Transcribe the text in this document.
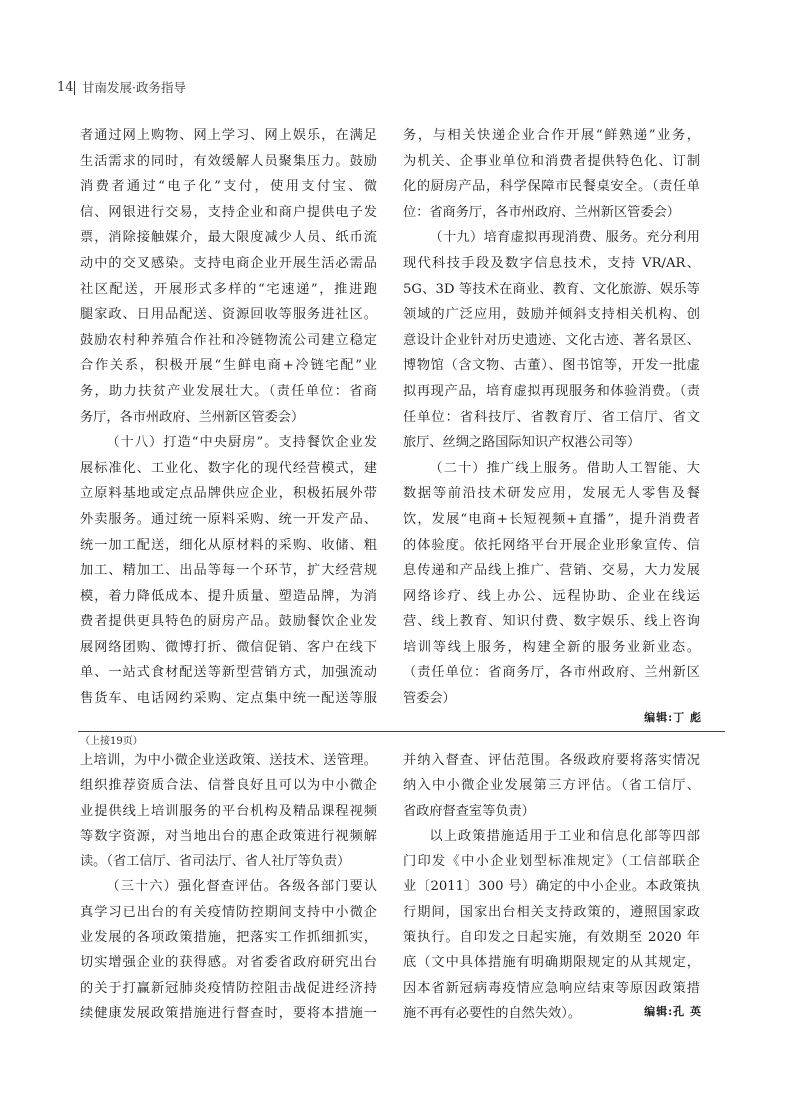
14 甘南发展·政务指导
者通过网上购物、网上学习、网上娱乐，在满足
生活需求的同时，有效缓解人员聚集压力。鼓励
消费者通过“电子化”支付，使用支付宝、微
信、网银进行交易，支持企业和商户提供电子发
票，消除接触媒介，最大限度减少人员、纸币流
动中的交叉感染。支持电商企业开展生活必需品
社区配送，开展形式多样的“宅速递”，推进跑
腿家政、日用品配送、资源回收等服务进社区。
鼓励农村种养殖合作社和冷链物流公司建立稳定
合作关系，积极开展“生鲜电商+冷链宅配”业
务，助力扶贫产业发展壮大。（责任单位：省商
务厅，各市州政府、兰州新区管委会）
（十八）打造“中央厨房”。支持餐饮企业发
展标准化、工业化、数字化的现代经营模式，建
立原料基地或定点品牌供应企业，积极拓展外带
外卖服务。通过统一原料采购、统一开发产品、
统一加工配送，细化从原材料的采购、收储、粗
加工、精加工、出品等每一个环节，扩大经营规
模，着力降低成本、提升质量、塑造品牌，为消
费者提供更具特色的厨房产品。鼓励餐饮企业发
展网络团购、微博打折、微信促销、客户在线下
单、一站式食材配送等新型营销方式，加强流动
售货车、电话网约采购、定点集中统一配送等服
务，与相关快递企业合作开展“鲜熟递”业务，
为机关、企事业单位和消费者提供特色化、订制
化的厨房产品，科学保障市民餐桌安全。（责任单
位：省商务厅，各市州政府、兰州新区管委会）
（十九）培育虚拟再现消费、服务。充分利用
现代科技手段及数字信息技术，支持 VR/AR、
5G、3D 等技术在商业、教育、文化旅游、娱乐等
领域的广泛应用，鼓励并倾斜支持相关机构、创
意设计企业针对历史遗迹、文化古迹、著名景区、
博物馆（含文物、古董）、图书馆等，开发一批虚
拟再现产品，培育虚拟再现服务和体验消费。（责
任单位：省科技厅、省教育厅、省工信厅、省文
旅厅、丝绸之路国际知识产权港公司等）
（二十）推广线上服务。借助人工智能、大
数据等前沿技术研发应用，发展无人零售及餐
饮，发展“电商+长短视频+直播”，提升消费者
的体验度。依托网络平台开展企业形象宣传、信
息传递和产品线上推广、营销、交易，大力发展
网络诊疗、线上办公、远程协助、企业在线运
营、线上教育、知识付费、数字娱乐、线上咨询
培训等线上服务，构建全新的服务业新业态。
（责任单位：省商务厅，各市州政府、兰州新区
管委会）
编辑:丁 彪
（上接19页）
上培训，为中小微企业送政策、送技术、送管理。
组织推荐资质合法、信誉良好且可以为中小微企
业提供线上培训服务的平台机构及精品课程视频
等数字资源，对当地出台的惠企政策进行视频解
读。（省工信厅、省司法厅、省人社厅等负责）
（三十六）强化督查评估。各级各部门要认
真学习已出台的有关疫情防控期间支持中小微企
业发展的各项政策措施，把落实工作抓细抓实，
切实增强企业的获得感。对省委省政府研究出台
的关于打赢新冠肺炎疫情防控阻击战促进经济持
续健康发展政策措施进行督查时，要将本措施一
并纳入督查、评估范围。各级政府要将落实情况
纳入中小微企业发展第三方评估。（省工信厅、
省政府督查室等负责）
以上政策措施适用于工业和信息化部等四部
门印发《中小企业划型标准规定》（工信部联企
业〔2011〕300 号）确定的中小企业。本政策执
行期间，国家出台相关支持政策的，遵照国家政
策执行。自印发之日起实施，有效期至 2020 年
底（文中具体措施有明确期限规定的从其规定，
因本省新冠病毒疫情应急响应结束等原因政策措
施不再有必要性的自然失效）。	编辑:孔 英
